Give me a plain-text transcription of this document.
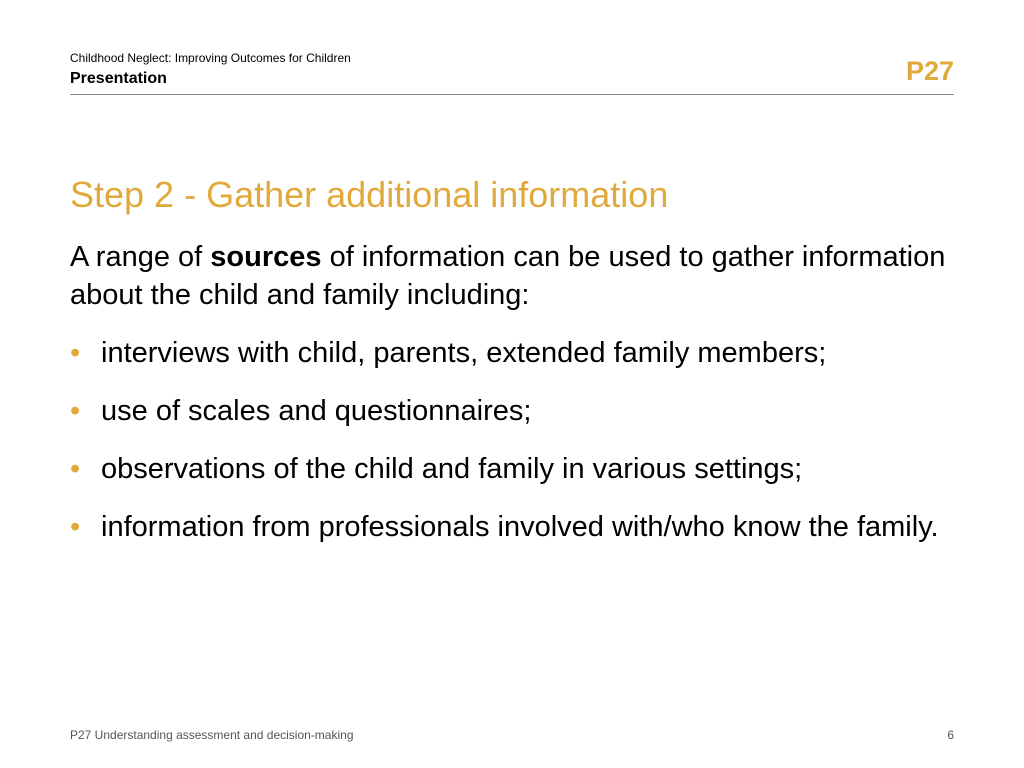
Childhood Neglect: Improving Outcomes for Children
Presentation	P27
Step 2 - Gather additional information
A range of sources of information can be used to gather information about the child and family including:
• interviews with child, parents, extended family members;
• use of scales and questionnaires;
• observations of the child and family in various settings;
• information from professionals involved with/who know the family.
P27 Understanding assessment and decision-making	6
